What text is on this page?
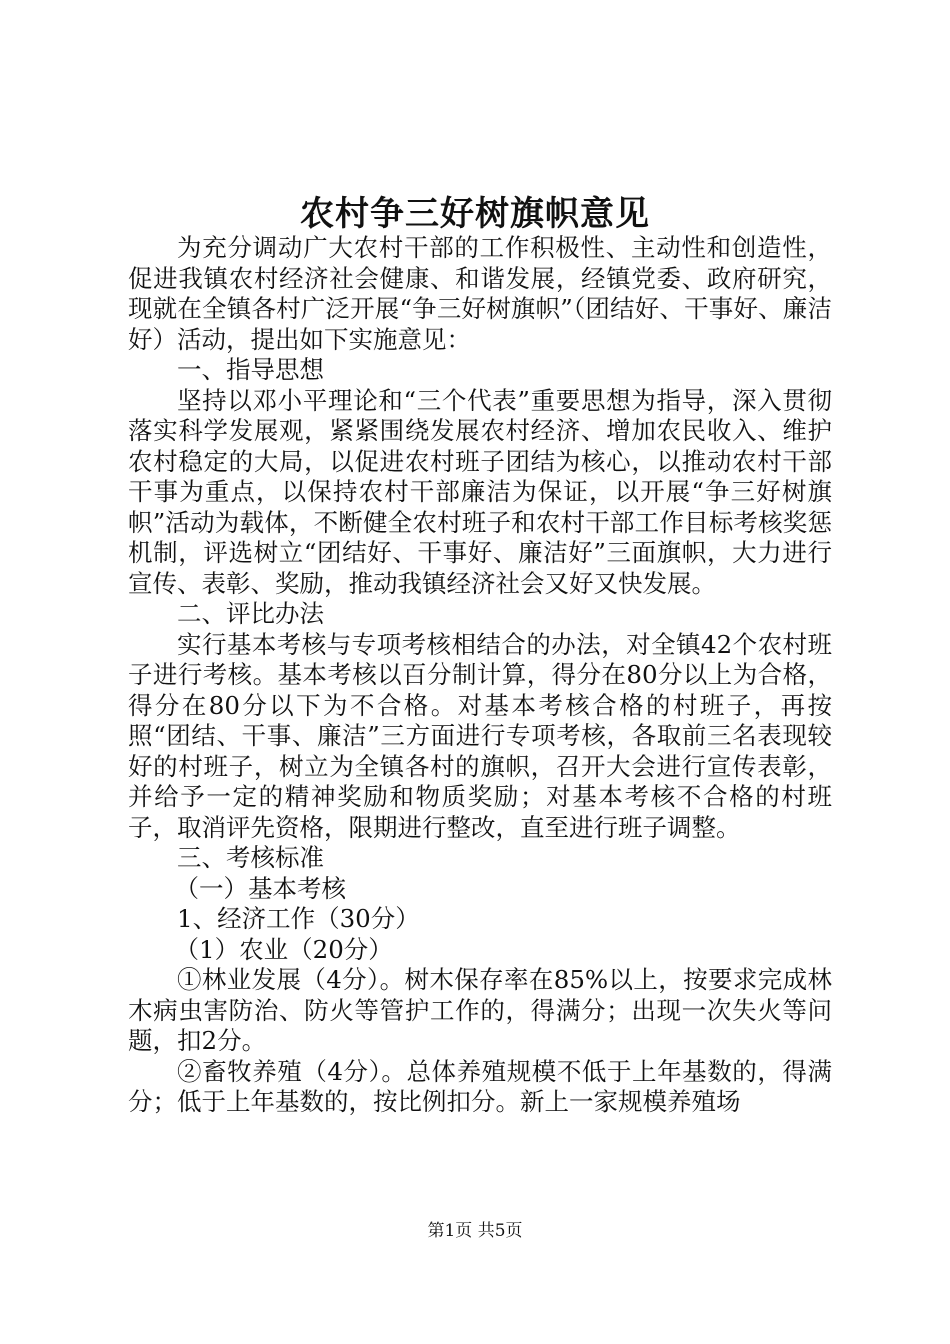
农村争三好树旗帜意见

为充分调动广大农村干部的工作积极性、主动性和创造性，促进我镇农村经济社会健康、和谐发展，经镇党委、政府研究，现就在全镇各村广泛开展“争三好树旗帜”（团结好、干事好、廉洁好）活动，提出如下实施意见：

一、指导思想

坚持以邓小平理论和“三个代表”重要思想为指导，深入贯彻落实科学发展观，紧紧围绕发展农村经济、增加农民收入、维护农村稳定的大局，以促进农村班子团结为核心，以推动农村干部干事为重点，以保持农村干部廉洁为保证，以开展“争三好树旗帜”活动为载体，不断健全农村班子和农村干部工作目标考核奖惩机制，评选树立“团结好、干事好、廉洁好”三面旗帜，大力进行宣传、表彰、奖励，推动我镇经济社会又好又快发展。

二、评比办法

实行基本考核与专项考核相结合的办法，对全镇42个农村班子进行考核。基本考核以百分制计算，得分在80分以上为合格，得分在80分以下为不合格。对基本考核合格的村班子，再按照“团结、干事、廉洁”三方面进行专项考核，各取前三名表现较好的村班子，树立为全镇各村的旗帜，召开大会进行宣传表彰，并给予一定的精神奖励和物质奖励；对基本考核不合格的村班子，取消评先资格，限期进行整改，直至进行班子调整。

三、考核标准

（一）基本考核

1、经济工作（30分）

（1）农业（20分）

①林业发展（4分）。树木保存率在85%以上，按要求完成林木病虫害防治、防火等管护工作的，得满分；出现一次失火等问题，扣2分。

②畜牧养殖（4分）。总体养殖规模不低于上年基数的，得满分；低于上年基数的，按比例扣分。新上一家规模养殖场

第1页 共5页
